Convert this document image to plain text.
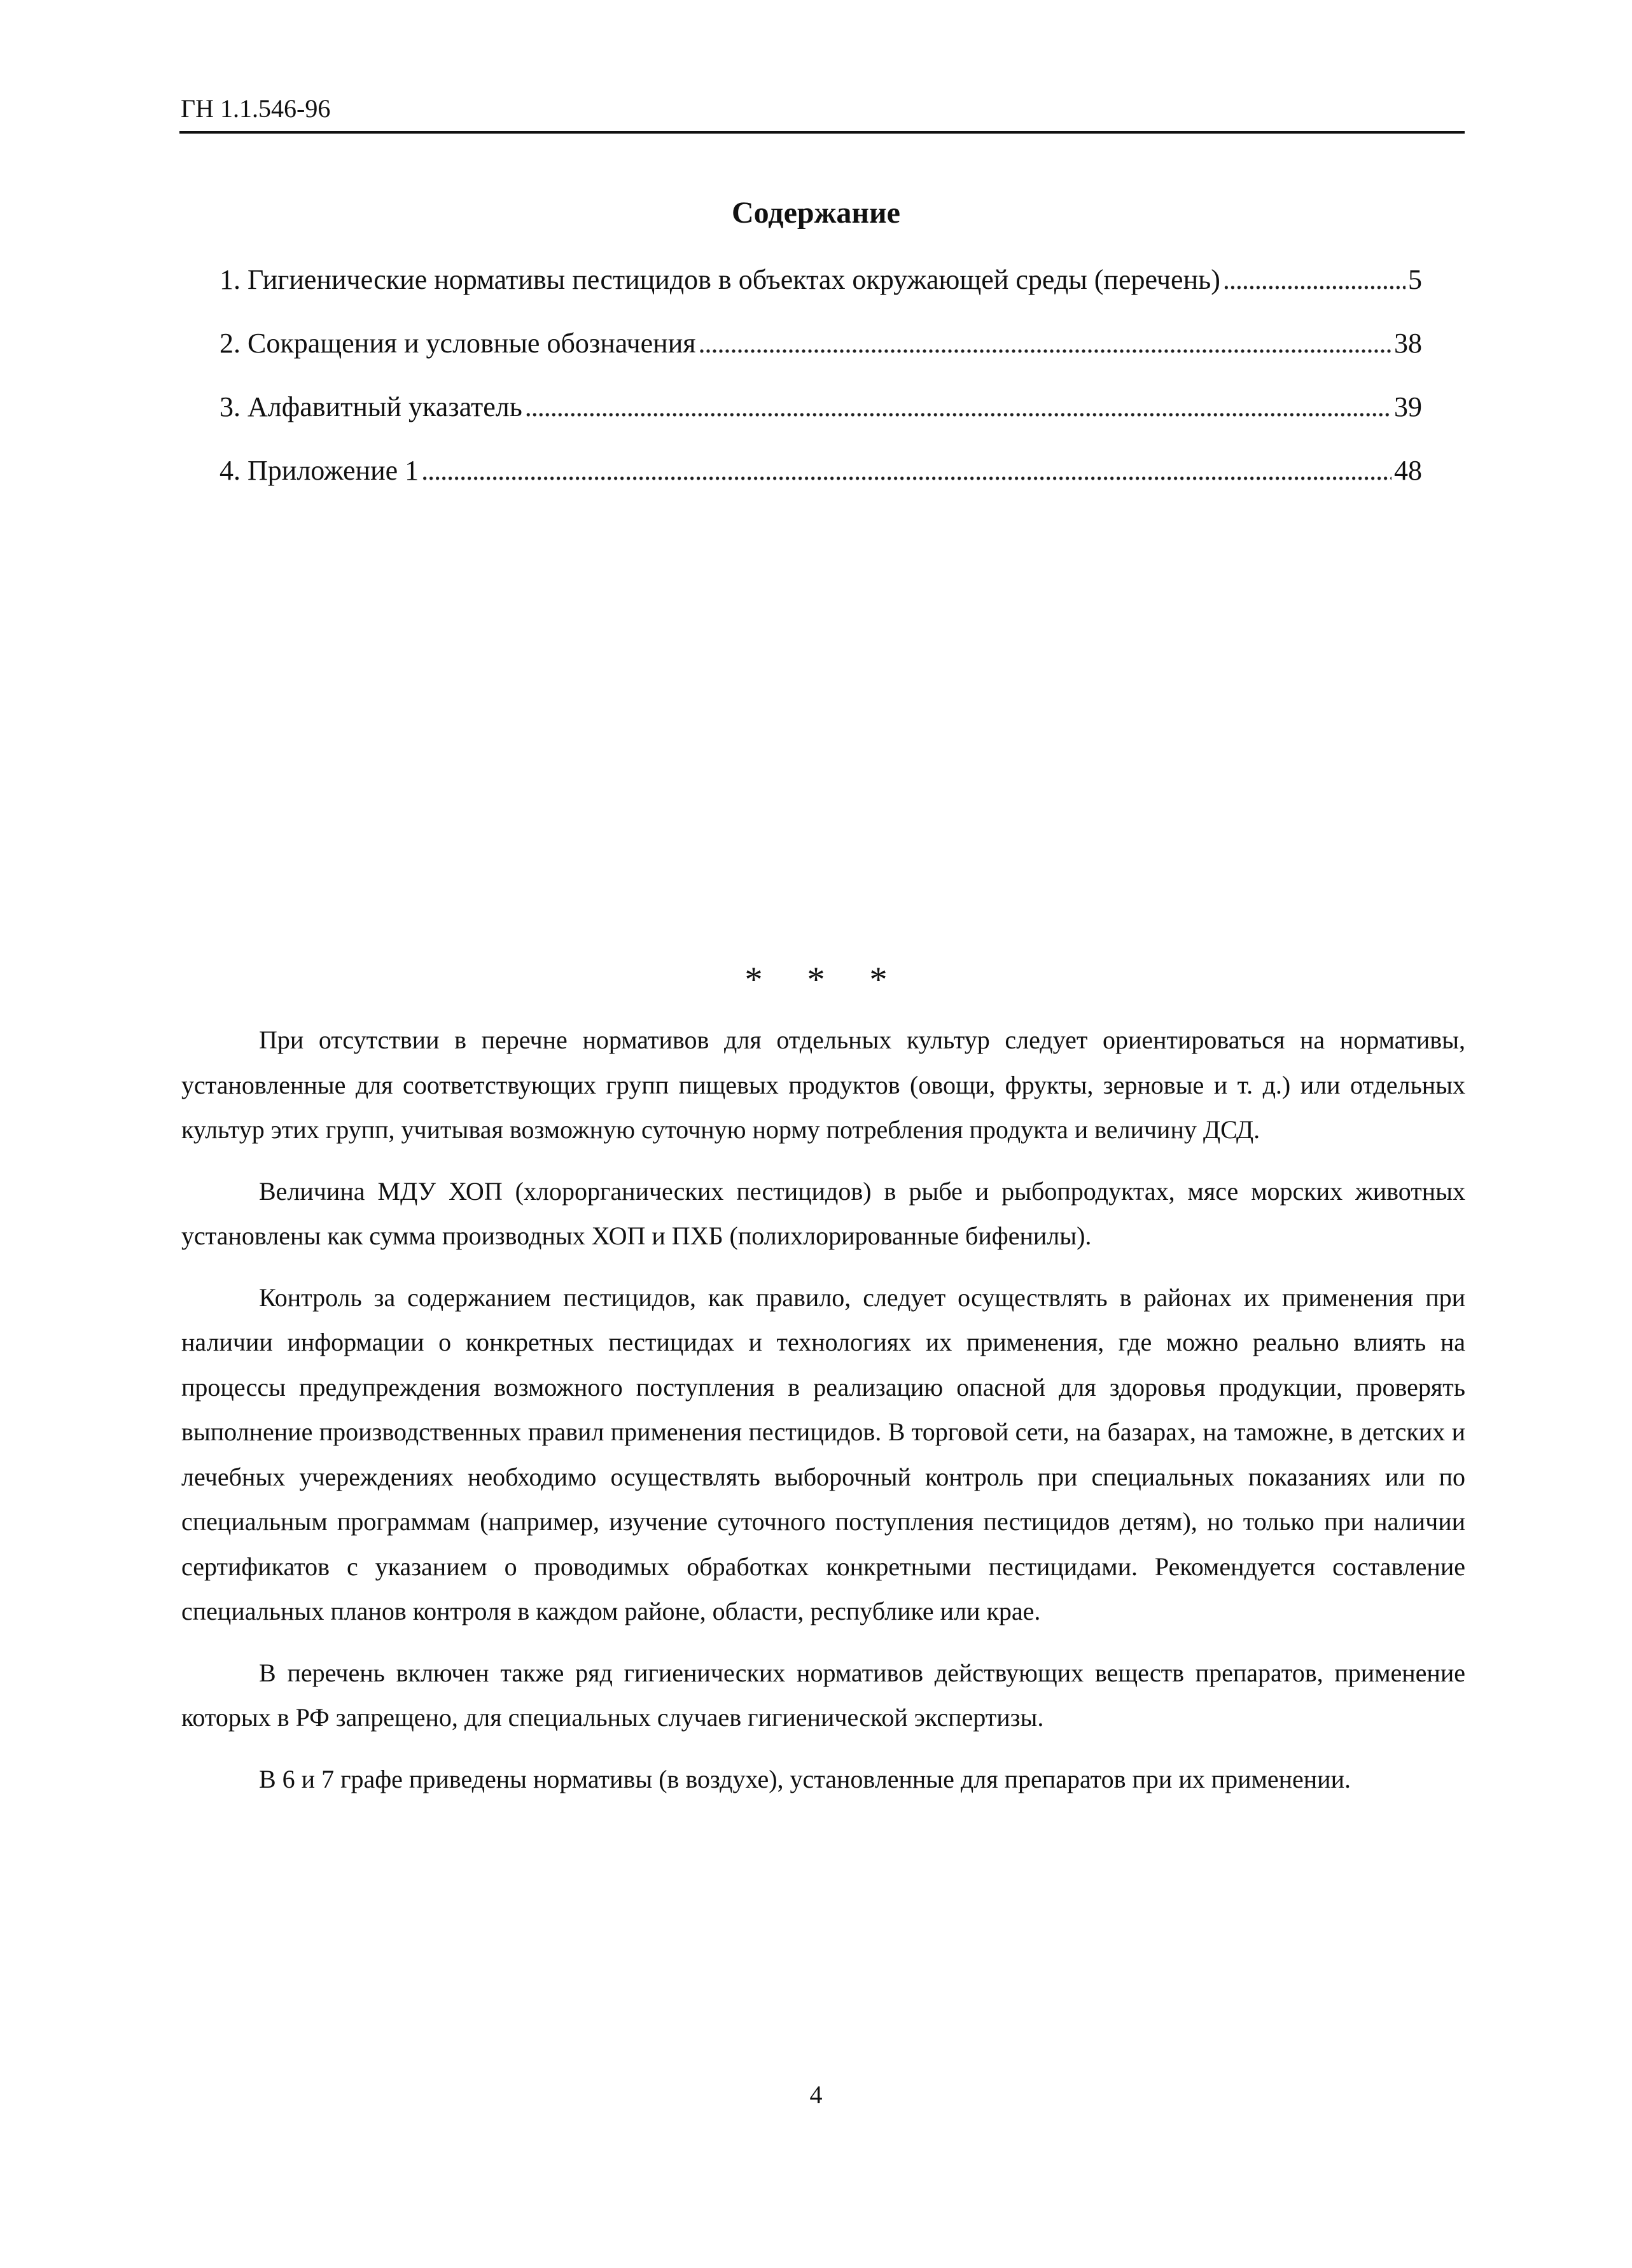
ГН 1.1.546-96
Содержание
1. Гигиенические нормативы пестицидов в объектах окружающей среды (перечень) . . .	5
2. Сокращения и условные обозначения . . .	38
3. Алфавитный указатель . . .	39
4. Приложение 1 . . .	48
* * *

При отсутствии в перечне нормативов для отдельных культур следует ориентироваться на нормативы, установленные для соответствующих групп пищевых продуктов (овощи, фрукты, зерновые и т. д.) или отдельных культур этих групп, учитывая возможную суточную норму потребления продукта и величину ДСД.

Величина МДУ ХОП (хлорорганических пестицидов) в рыбе и рыбопродуктах, мясе морских животных установлены как сумма производных ХОП и ПХБ (полихлорированные бифенилы).

Контроль за содержанием пестицидов, как правило, следует осуществлять в районах их применения при наличии информации о конкретных пестицидах и технологиях их применения, где можно реально влиять на процессы предупреждения возможного поступления в реализацию опасной для здоровья продукции, проверять выполнение производственных правил применения пестицидов. В торговой сети, на базарах, на таможне, в детских и лечебных учереждениях необходимо осуществлять выборочный контроль при специальных показаниях или по специальным программам (например, изучение суточного поступления пестицидов детям), но только при наличии сертификатов с указанием о проводимых обработках конкретными пестицидами. Рекомендуется составление специальных планов контроля в каждом районе, области, республике или крае.

В перечень включен также ряд гигиенических нормативов действующих веществ препаратов, применение которых в РФ запрещено, для специальных случаев гигиенической экспертизы.

В 6 и 7 графе приведены нормативы (в воздухе), установленные для препаратов при их применении.

4
